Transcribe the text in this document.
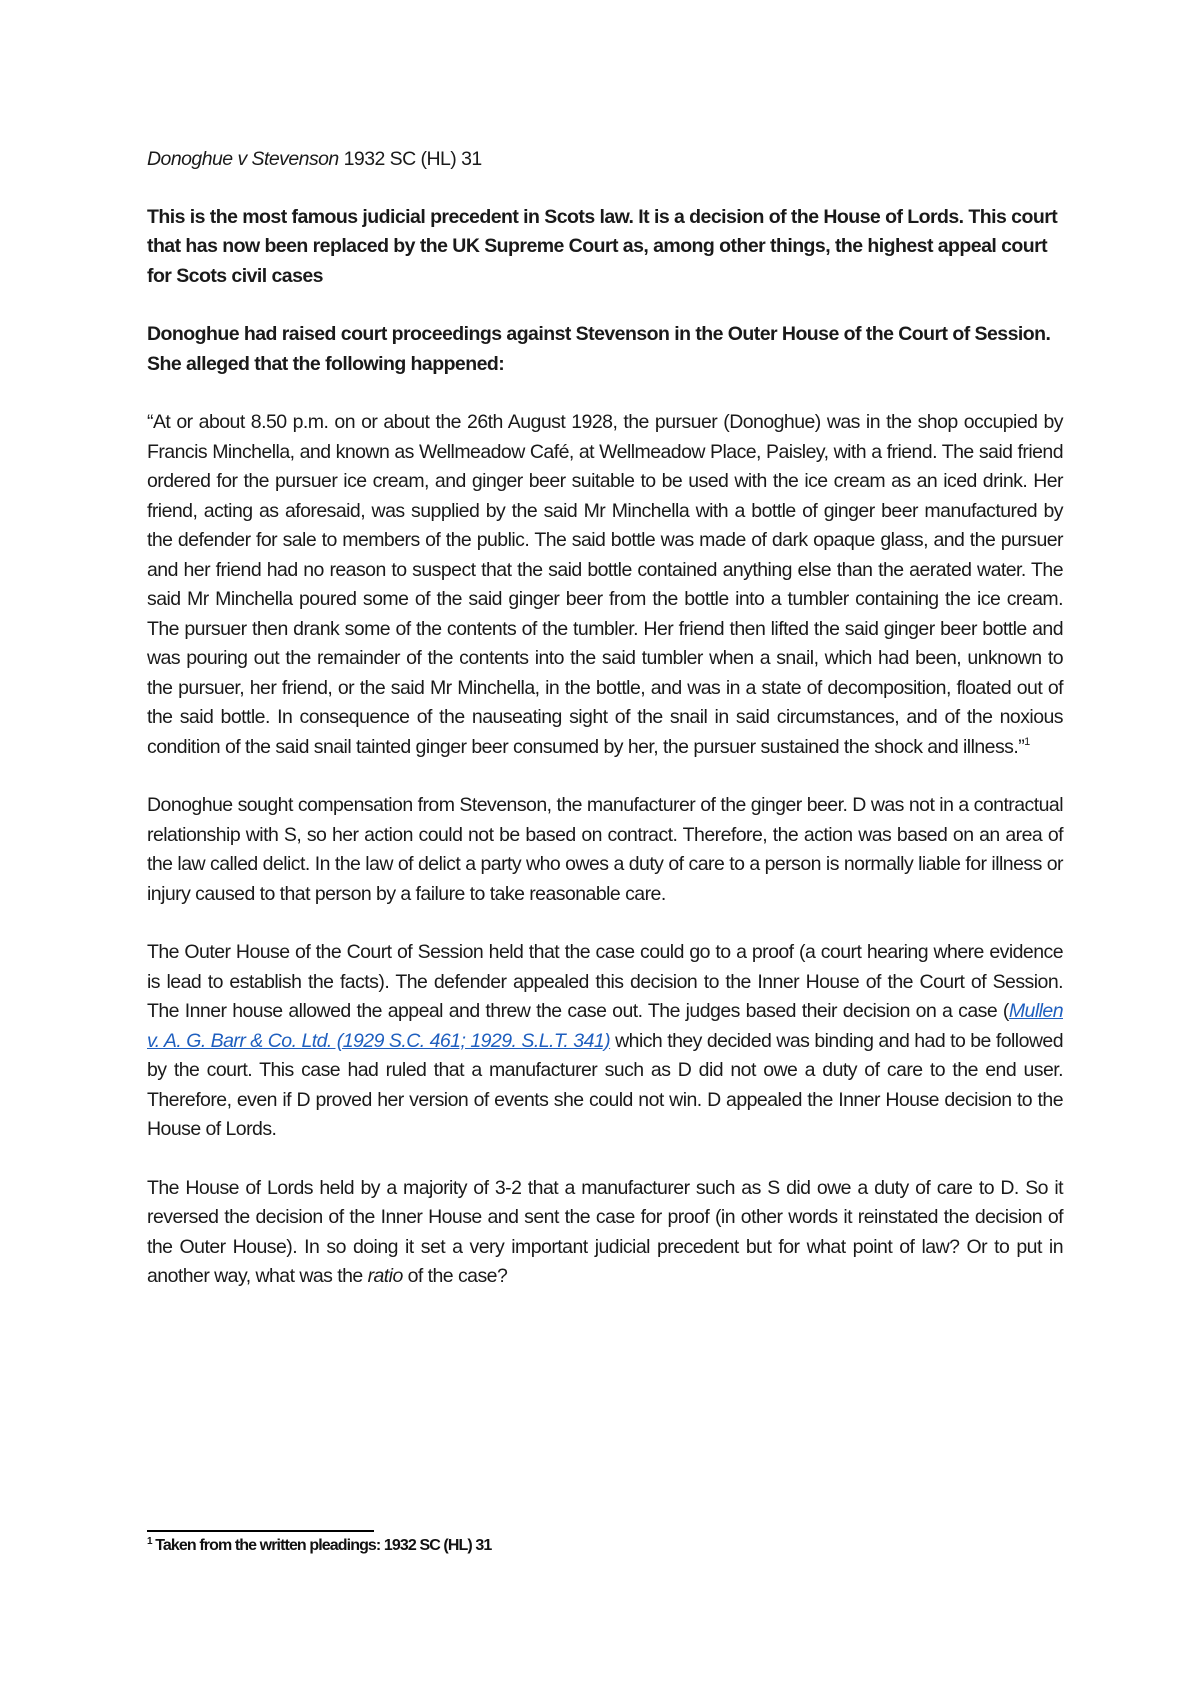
Donoghue v Stevenson 1932 SC (HL) 31

This is the most famous judicial precedent in Scots law. It is a decision of the House of Lords. This court that has now been replaced by the UK Supreme Court as, among other things, the highest appeal court for Scots civil cases

Donoghue had raised court proceedings against Stevenson in the Outer House of the Court of Session. She alleged that the following happened:

“At or about 8.50 p.m. on or about the 26th August 1928, the pursuer (Donoghue) was in the shop occupied by Francis Minchella, and known as Wellmeadow Café, at Wellmeadow Place, Paisley, with a friend. The said friend ordered for the pursuer ice cream, and ginger beer suitable to be used with the ice cream as an iced drink. Her friend, acting as aforesaid, was supplied by the said Mr Minchella with a bottle of ginger beer manufactured by the defender for sale to members of the public. The said bottle was made of dark opaque glass, and the pursuer and her friend had no reason to suspect that the said bottle contained anything else than the aerated water. The said Mr Minchella poured some of the said ginger beer from the bottle into a tumbler containing the ice cream. The pursuer then drank some of the contents of the tumbler. Her friend then lifted the said ginger beer bottle and was pouring out the remainder of the contents into the said tumbler when a snail, which had been, unknown to the pursuer, her friend, or the said Mr Minchella, in the bottle, and was in a state of decomposition, floated out of the said bottle. In consequence of the nauseating sight of the snail in said circumstances, and of the noxious condition of the said snail tainted ginger beer consumed by her, the pursuer sustained the shock and illness.”$^1$

Donoghue sought compensation from Stevenson, the manufacturer of the ginger beer. D was not in a contractual relationship with S, so her action could not be based on contract. Therefore, the action was based on an area of the law called delict. In the law of delict a party who owes a duty of care to a person is normally liable for illness or injury caused to that person by a failure to take reasonable care.

The Outer House of the Court of Session held that the case could go to a proof (a court hearing where evidence is lead to establish the facts). The defender appealed this decision to the Inner House of the Court of Session. The Inner house allowed the appeal and threw the case out. The judges based their decision on a case (Mullen v. A. G. Barr & Co. Ltd. (1929 S.C. 461; 1929. S.L.T. 341) which they decided was binding and had to be followed by the court. This case had ruled that a manufacturer such as D did not owe a duty of care to the end user. Therefore, even if D proved her version of events she could not win. D appealed the Inner House decision to the House of Lords.

The House of Lords held by a majority of 3-2 that a manufacturer such as S did owe a duty of care to D. So it reversed the decision of the Inner House and sent the case for proof (in other words it reinstated the decision of the Outer House). In so doing it set a very important judicial precedent but for what point of law? Or to put in another way, what was the ratio of the case?

$^1$ Taken from the written pleadings: 1932 SC (HL) 31
